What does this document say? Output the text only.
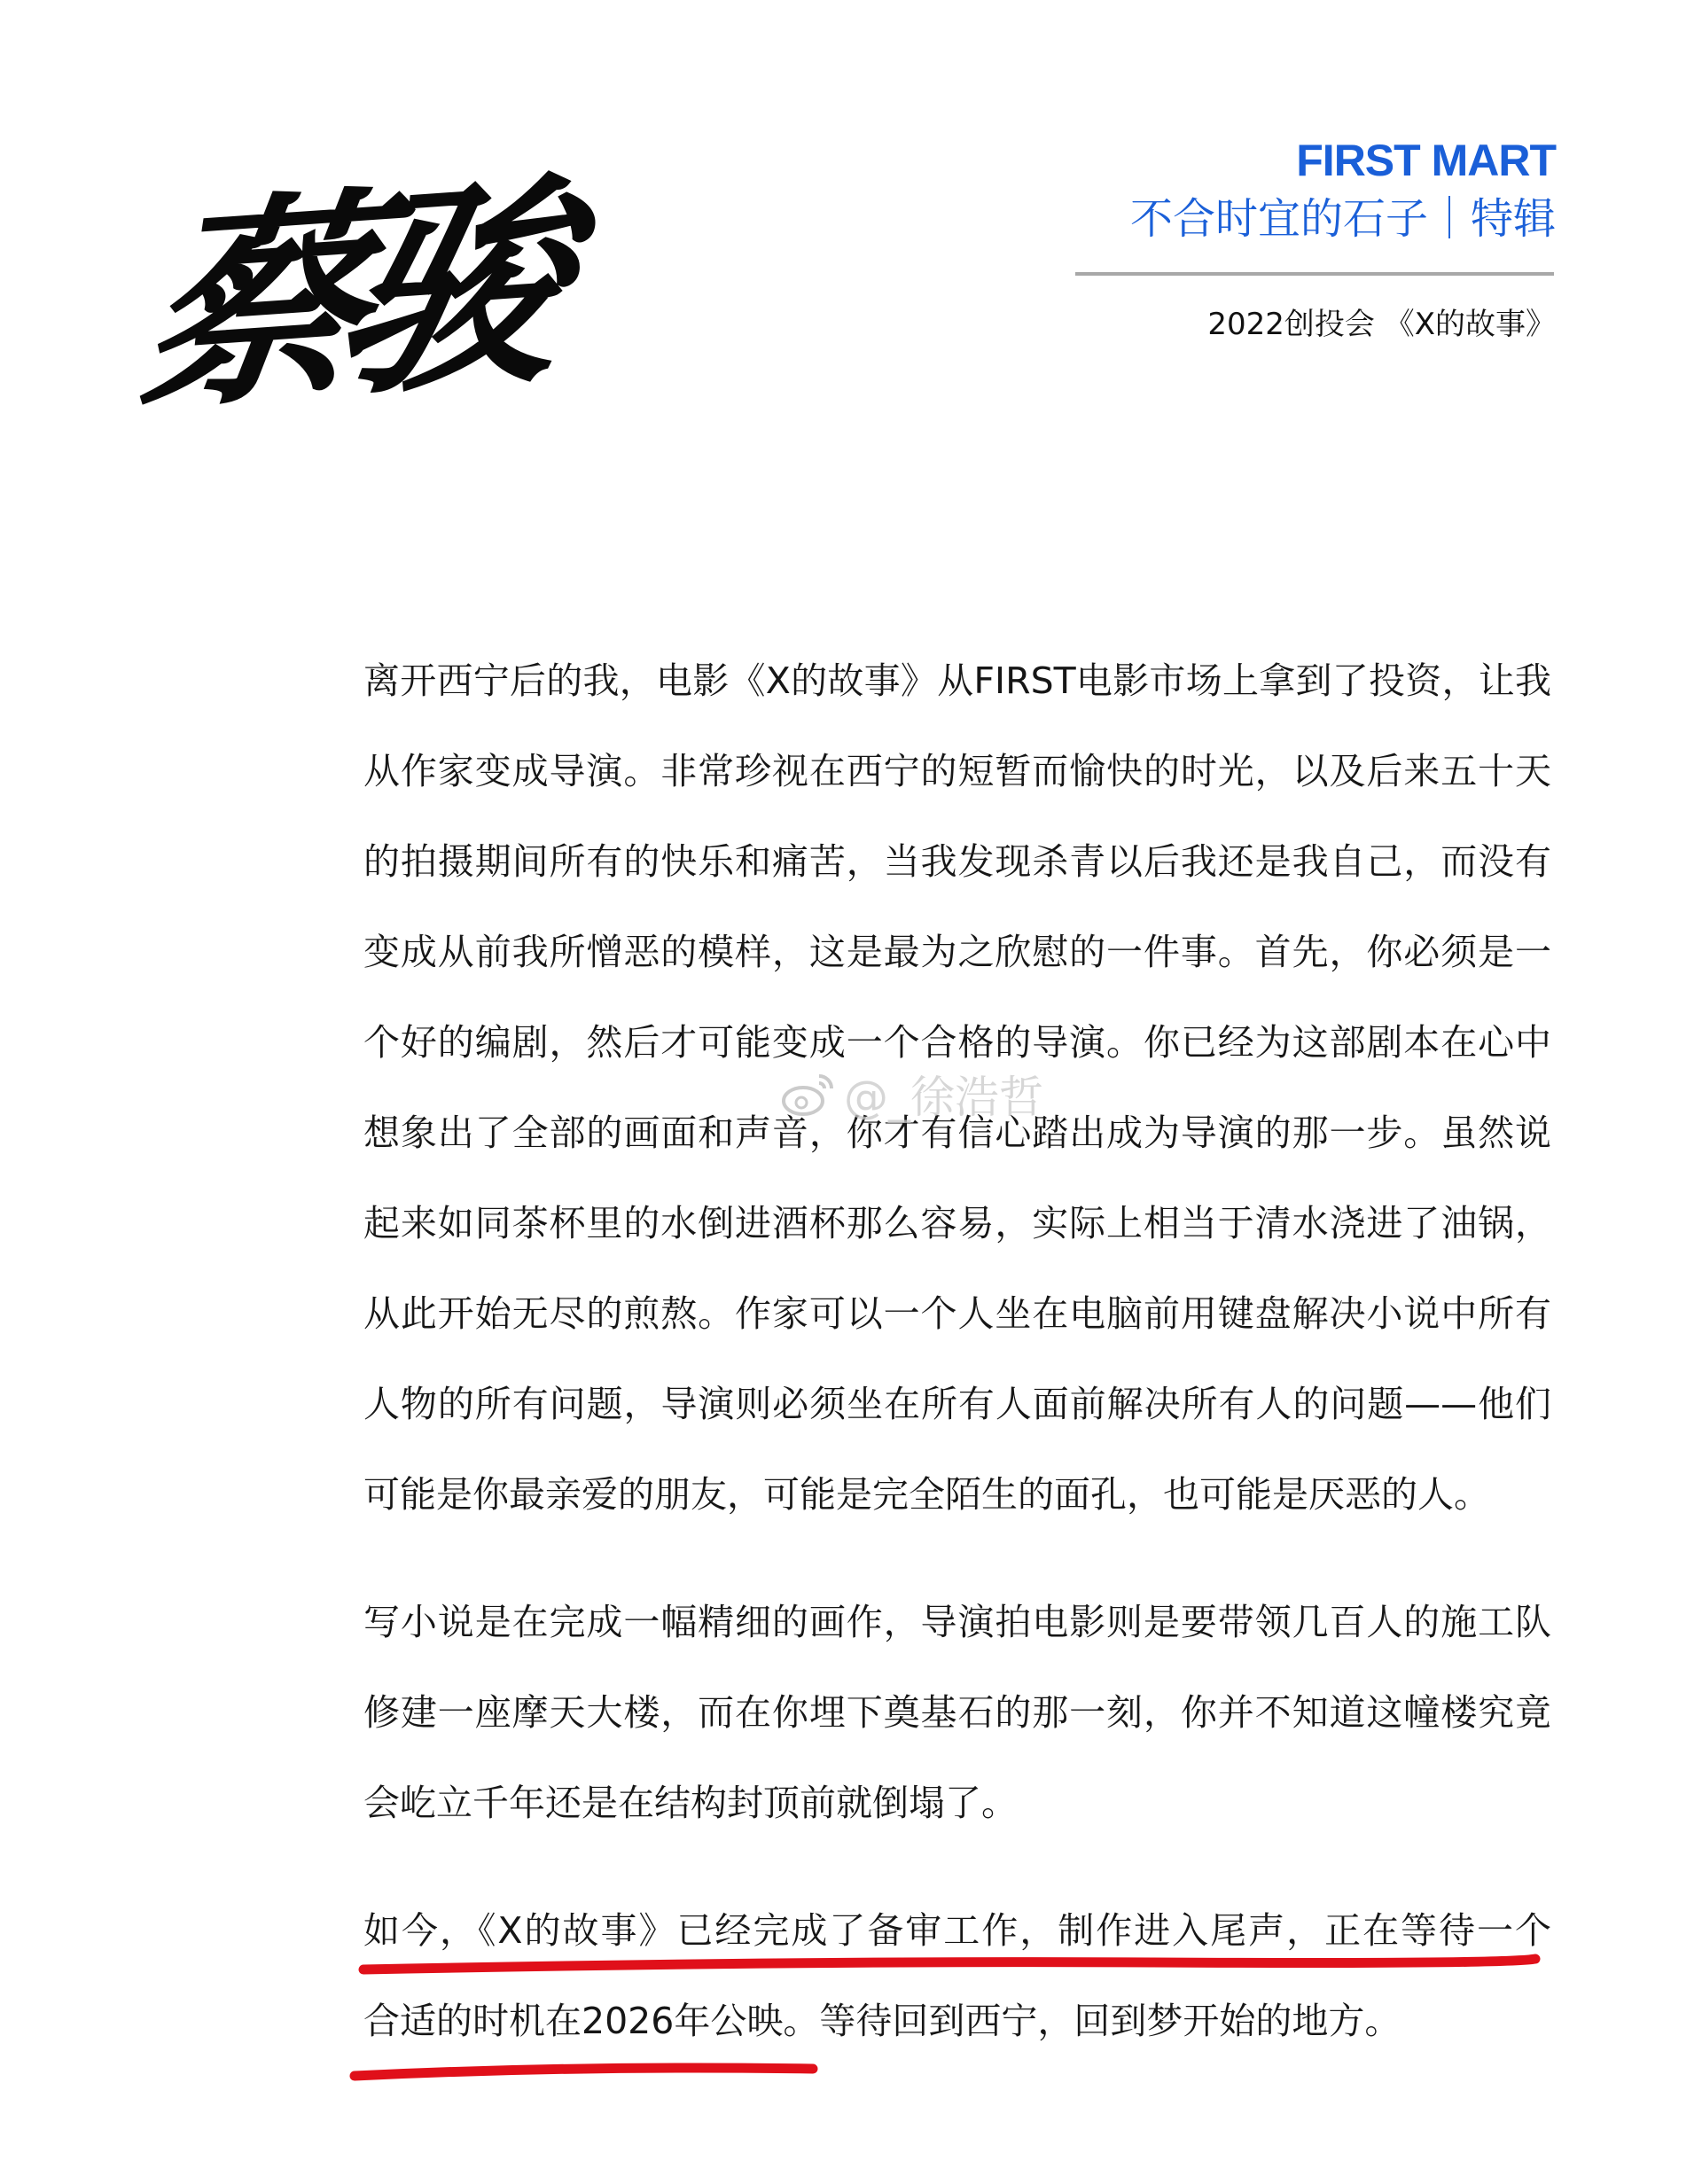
蔡骏	FIRST MART
不合时宜的石子｜特辑
2022创投会 《X的故事》
离开西宁后的我，电影《X的故事》从FIRST电影市场上拿到了投资，让我
从作家变成导演。非常珍视在西宁的短暂而愉快的时光，以及后来五十天
的拍摄期间所有的快乐和痛苦，当我发现杀青以后我还是我自己，而没有
变成从前我所憎恶的模样，这是最为之欣慰的一件事。首先，你必须是一
个好的编剧，然后才可能变成一个合格的导演。你已经为这部剧本在心中
想象出了全部的画面和声音，你才有信心踏出成为导演的那一步。虽然说
起来如同茶杯里的水倒进酒杯那么容易，实际上相当于清水浇进了油锅，
从此开始无尽的煎熬。作家可以一个人坐在电脑前用键盘解决小说中所有
人物的所有问题，导演则必须坐在所有人面前解决所有人的问题——他们
可能是你最亲爱的朋友，可能是完全陌生的面孔，也可能是厌恶的人。
写小说是在完成一幅精细的画作，导演拍电影则是要带领几百人的施工队
修建一座摩天大楼，而在你埋下奠基石的那一刻，你并不知道这幢楼究竟
会屹立千年还是在结构封顶前就倒塌了。
如今，《X的故事》已经完成了备审工作，制作进入尾声，正在等待一个
合适的时机在2026年公映。等待回到西宁，回到梦开始的地方。
@_徐浩哲
